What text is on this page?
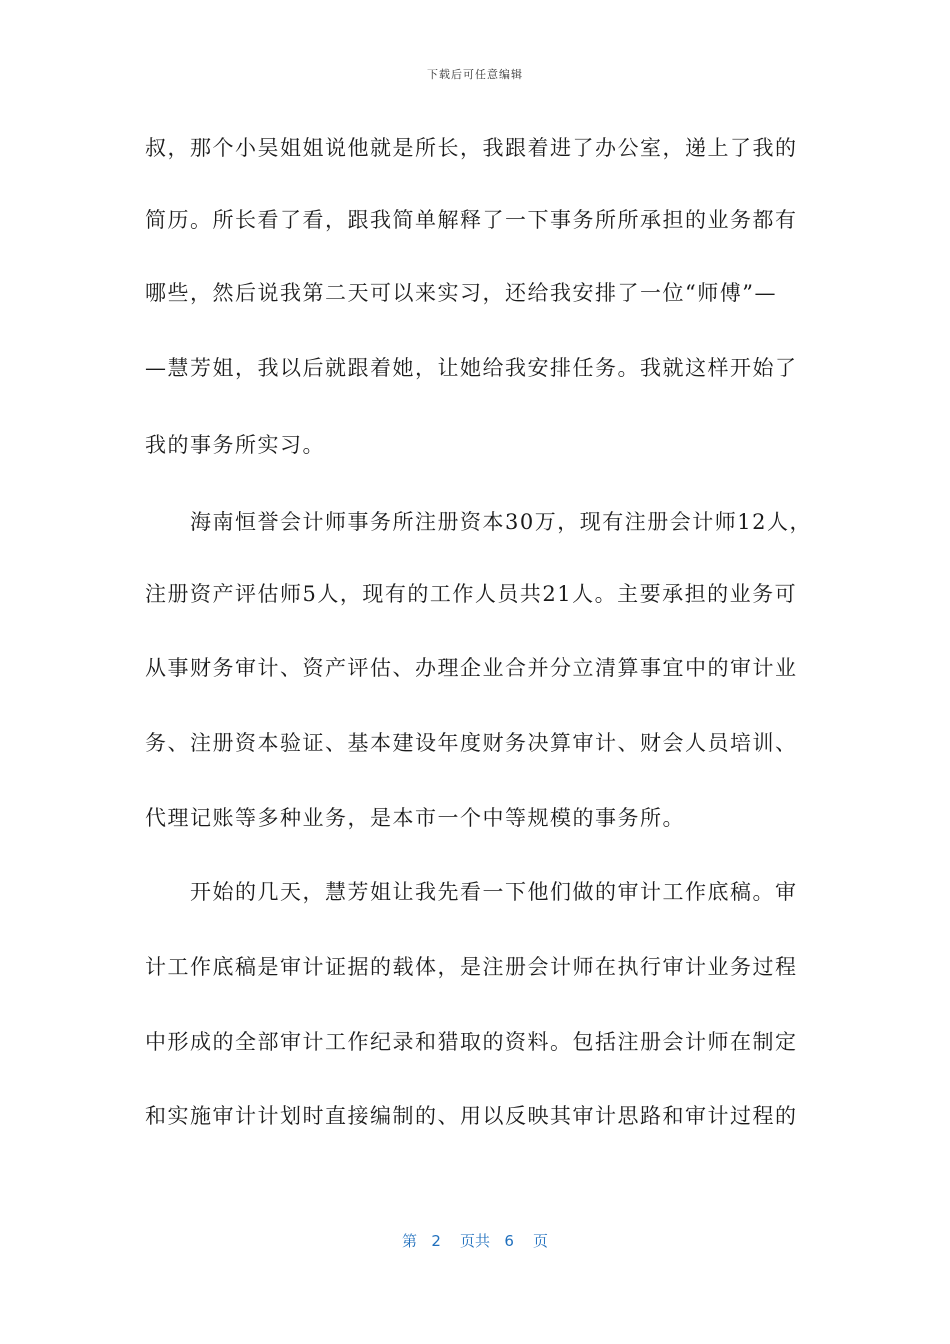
下载后可任意编辑
叔，那个小吴姐姐说他就是所长，我跟着进了办公室，递上了我的
简历。所长看了看，跟我简单解释了一下事务所所承担的业务都有
哪些，然后说我第二天可以来实习，还给我安排了一位“师傅”—
—慧芳姐，我以后就跟着她，让她给我安排任务。我就这样开始了
我的事务所实习。
　　海南恒誉会计师事务所注册资本30万，现有注册会计师12人，
注册资产评估师5人，现有的工作人员共21人。主要承担的业务可
从事财务审计、资产评估、办理企业合并分立清算事宜中的审计业
务、注册资本验证、基本建设年度财务决算审计、财会人员培训、
代理记账等多种业务，是本市一个中等规模的事务所。
　　开始的几天，慧芳姐让我先看一下他们做的审计工作底稿。审
计工作底稿是审计证据的载体，是注册会计师在执行审计业务过程
中形成的全部审计工作纪录和猎取的资料。包括注册会计师在制定
和实施审计计划时直接编制的、用以反映其审计思路和审计过程的
第 2 页共 6 页
